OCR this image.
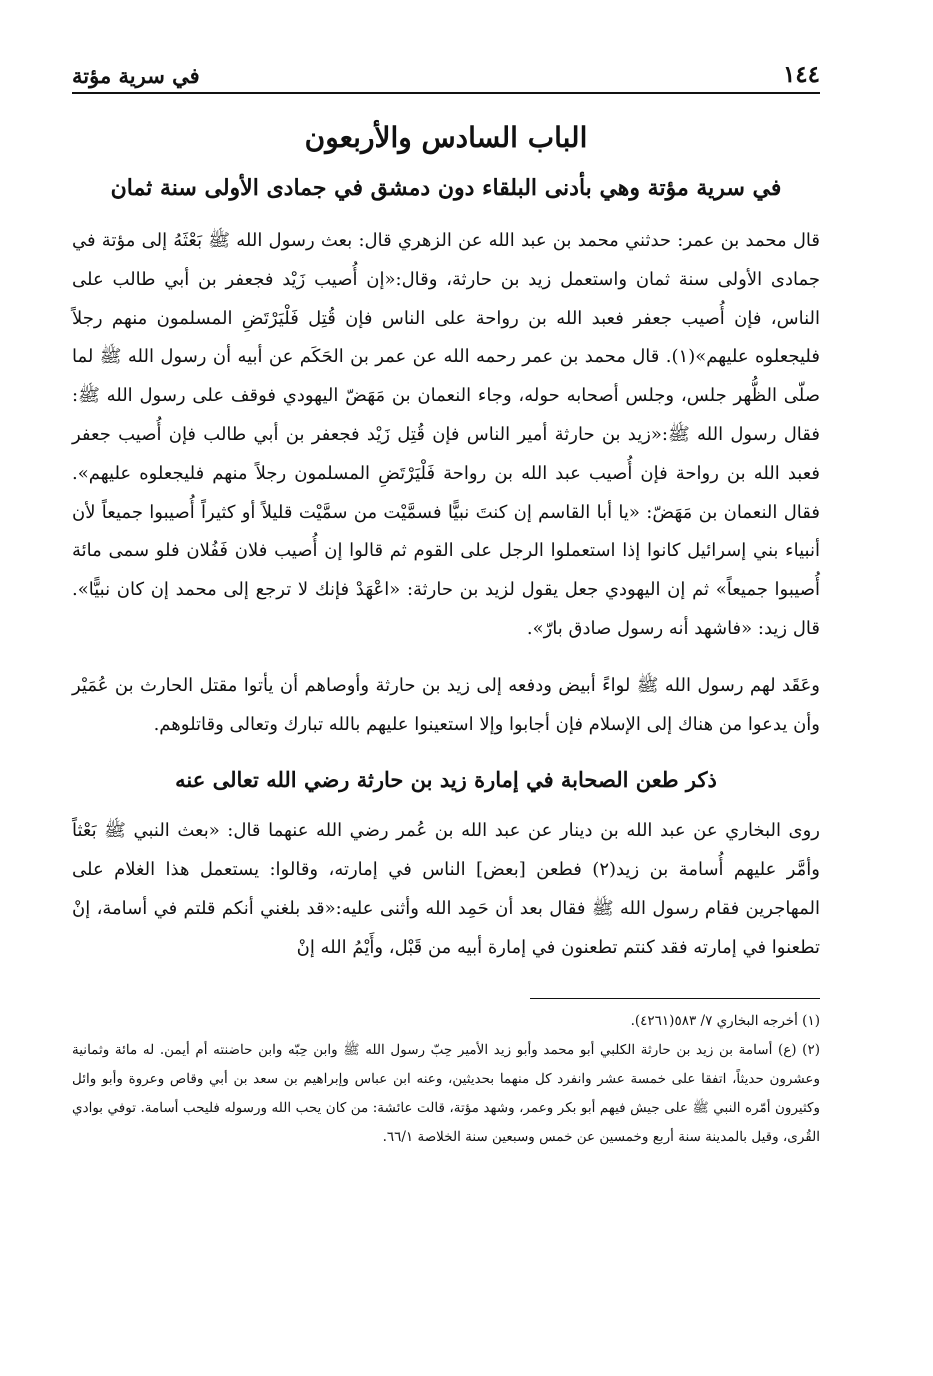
١٤٤
في سرية مؤتة
الباب السادس والأربعون
في سرية مؤتة وهي بأدنى البلقاء دون دمشق في جمادى الأولى سنة ثمان

قال محمد بن عمر: حدثني محمد بن عبد الله عن الزهري قال: بعث رسول الله ﷺ بَعْثَهُ إلى مؤتة في جمادى الأولى سنة ثمان واستعمل زيد بن حارثة، وقال:«إن أُصيب زَيْد فجعفر بن أبي طالب على الناس، فإن أُصيب جعفر فعبد الله بن رواحة على الناس فإن قُتِل فَلْيَرْتَضِ المسلمون منهم رجلاً فليجعلوه عليهم»(١). قال محمد بن عمر رحمه الله عن عمر بن الحَكَم عن أبيه أن رسول الله ﷺ لما صلّى الظُّهر جلس، وجلس أصحابه حوله، وجاء النعمان بن مَهَضّ اليهودي فوقف على رسول الله ﷺ: فقال رسول الله ﷺ:«زيد بن حارثة أمير الناس فإن قُتِل زَيْد فجعفر بن أبي طالب فإن أُصيب جعفر فعبد الله بن رواحة فإن أُصيب عبد الله بن رواحة فَلْيَرْتَضِ المسلمون رجلاً منهم فليجعلوه عليهم». فقال النعمان بن مَهَضّ: «يا أبا القاسم إن كنتَ نبيًّا فسمَّيْت من سمَّيْت قليلاً أو كثيراً أُصيبوا جميعاً لأن أنبياء بني إسرائيل كانوا إذا استعملوا الرجل على القوم ثم قالوا إن أُصيب فلان فَفُلان فلو سمى مائة أُصيبوا جميعاً» ثم إن اليهودي جعل يقول لزيد بن حارثة: «اعْهَدْ فإنك لا ترجع إلى محمد إن كان نبيًّا». قال زيد: «فاشهد أنه رسول صادق بارّ».

وعَقَد لهم رسول الله ﷺ لواءً أبيض ودفعه إلى زيد بن حارثة وأوصاهم أن يأتوا مقتل الحارث بن عُمَيْر وأن يدعوا من هناك إلى الإسلام فإن أجابوا وإلا استعينوا عليهم بالله تبارك وتعالى وقاتلوهم.

ذكر طعن الصحابة في إمارة زيد بن حارثة رضي الله تعالى عنه

روى البخاري عن عبد الله بن دينار عن عبد الله بن عُمر رضي الله عنهما قال: «بعث النبي ﷺ بَعْثاً وأمَّر عليهم أُسامة بن زيد(٢) فطعن [بعض] الناس في إمارته، وقالوا: يستعمل هذا الغلام على المهاجرين فقام رسول الله ﷺ فقال بعد أن حَمِد الله وأثنى عليه:«قد بلغني أنكم قلتم في أسامة، إنْ تطعنوا في إمارته فقد كنتم تطعنون في إمارة أبيه من قَبْل، وأَيْمُ الله إنْ

(١) أخرجه البخاري ٧/ ٥٨٣(٤٢٦١).

(٢) (ع) أسامة بن زيد بن حارثة الكلبي أبو محمد وأبو زيد الأمير حِبّ رسول الله ﷺ وابن حِبّه وابن حاضنته أم أيمن. له مائة وثمانية وعشرون حديثاً، اتفقا على خمسة عشر وانفرد كل منهما بحديثين، وعنه ابن عباس وإبراهيم بن سعد بن أبي وقاص وعروة وأبو وائل وكثيرون أمّره النبي ﷺ على جيش فيهم أبو بكر وعمر، وشهد مؤتة، قالت عائشة: من كان يحب الله ورسوله فليحب أسامة. توفي بوادي القُرى، وقيل بالمدينة سنة أربع وخمسين عن خمس وسبعين سنة الخلاصة ٦٦/١.
